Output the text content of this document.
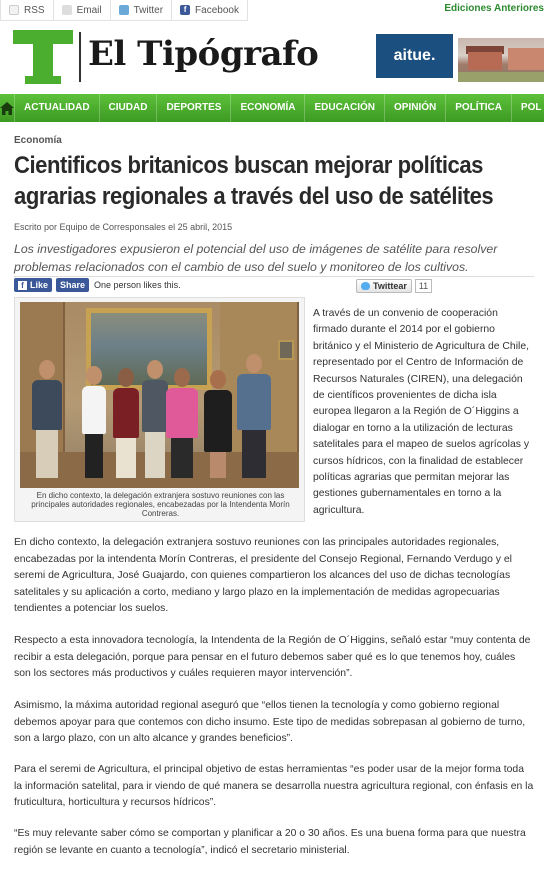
RSS	Email	Twitter	f Facebook	Ediciones Anteriores
El Tipógrafo	aitue.
ACTUALIDAD	CIUDAD	DEPORTES	ECONOMÍA	EDUCACIÓN	OPINIÓN	POLÍTICA	POL
Economía
Cientificos britanicos buscan mejorar políticas agrarias regionales a través del uso de satélites
Escrito por Equipo de Corresponsales el 25 abril, 2015

Los investigadores expusieron el potencial del uso de imágenes de satélite para resolver problemas relacionados con el cambio de uso del suelo y monitoreo de los cultivos.

f Like	Share	One person likes this.	Twittear	11
En dicho contexto, la delegación extranjera sostuvo reuniones con las principales autoridades regionales, encabezadas por la Intendenta Morín Contreras.
A través de un convenio de cooperación firmado durante el 2014 por el gobierno británico y el Ministerio de Agricultura de Chile, representado por el Centro de Información de Recursos Naturales (CIREN), una delegación de científicos provenientes de dicha isla europea llegaron a la Región de O´Higgins a dialogar en torno a la utilización de lecturas satelitales para el mapeo de suelos agrícolas y cursos hídricos, con la finalidad de establecer políticas agrarias que permitan mejorar las gestiones gubernamentales en torno a la agricultura.

En dicho contexto, la delegación extranjera sostuvo reuniones con las principales autoridades regionales, encabezadas por la intendenta Morín Contreras, el presidente del Consejo Regional, Fernando Verdugo y el seremi de Agricultura, José Guajardo, con quienes compartieron los alcances del uso de dichas tecnologías satelitales y su aplicación a corto, mediano y largo plazo en la implementación de medidas agropecuarias tendientes a potenciar los suelos.

Respecto a esta innovadora tecnología, la Intendenta de la Región de O´Higgins, señaló estar “muy contenta de recibir a esta delegación, porque para pensar en el futuro debemos saber qué es lo que tenemos hoy, cuáles son los sectores más productivos y cuáles requieren mayor intervención”.

Asimismo, la máxima autoridad regional aseguró que “ellos tienen la tecnología y como gobierno regional debemos apoyar para que contemos con dicho insumo. Este tipo de medidas sobrepasan al gobierno de turno, son a largo plazo, con un alto alcance y grandes beneficios”.

Para el seremi de Agricultura, el principal objetivo de estas herramientas “es poder usar de la mejor forma toda la información satelital, para ir viendo de qué manera se desarrolla nuestra agricultura regional, con énfasis en la fruticultura, horticultura y recursos hídricos”.

“Es muy relevante saber cómo se comportan y planificar a 20 o 30 años. Es una buena forma para que nuestra región se levante en cuanto a tecnología”, indicó el secretario ministerial.
